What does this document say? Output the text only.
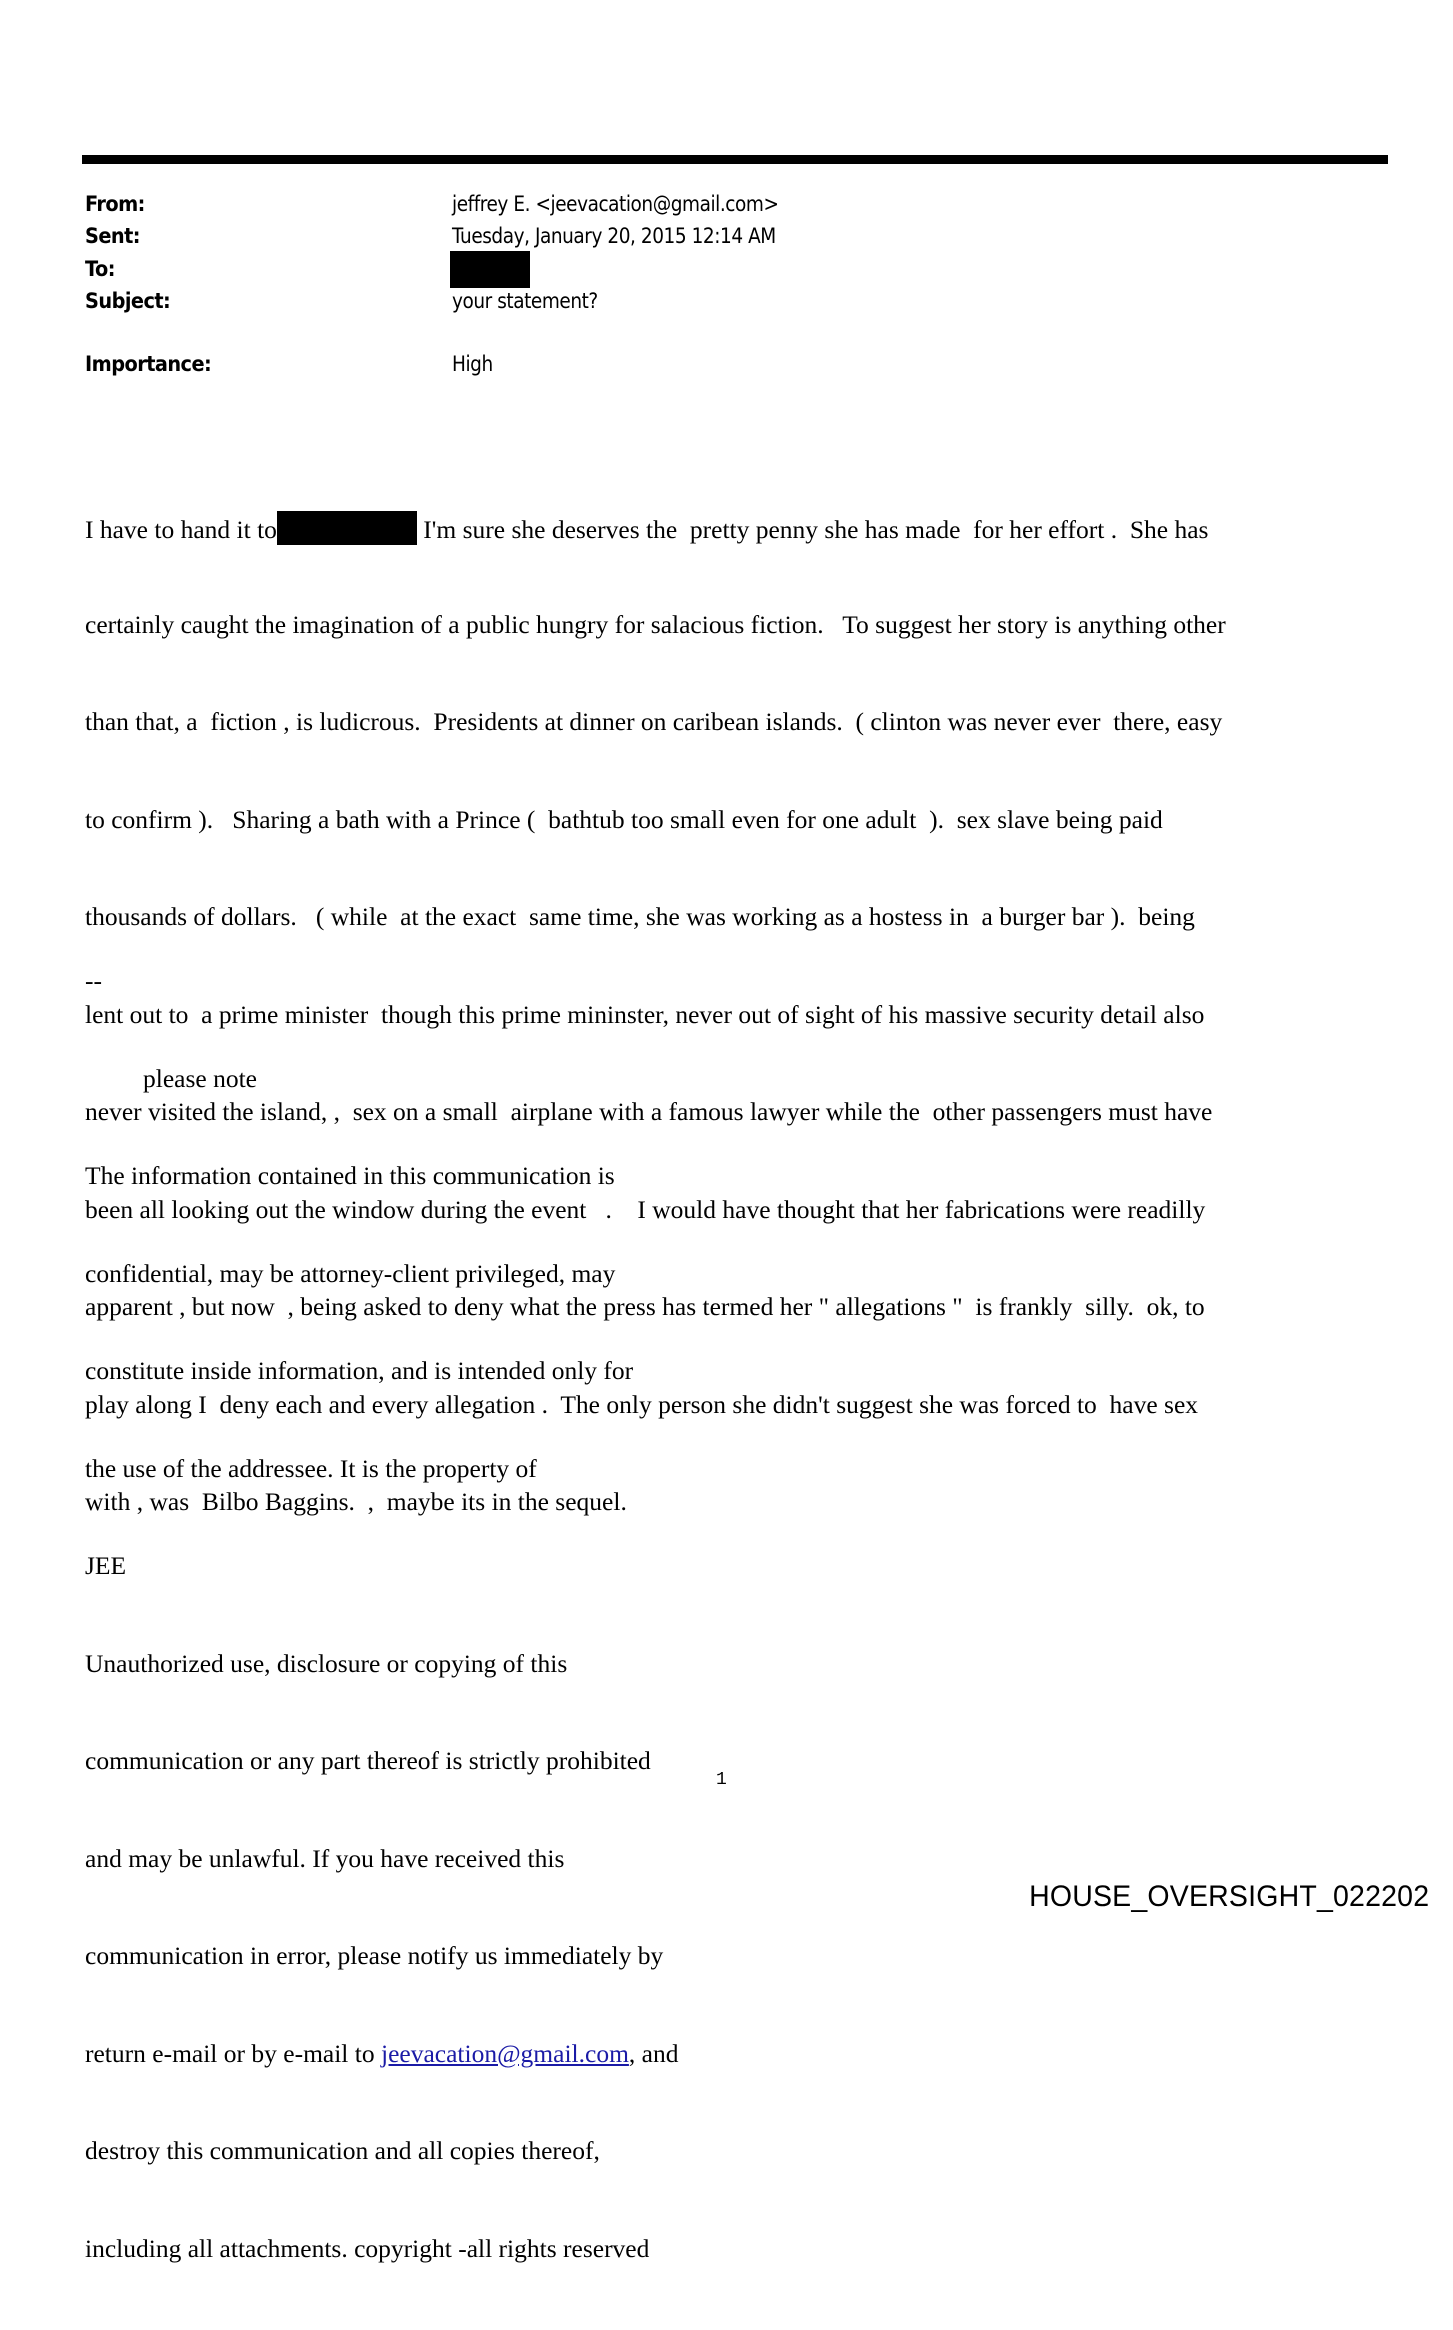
From:	jeffrey E. <jeevacation@gmail.com>
Sent:	Tuesday, January 20, 2015 12:14 AM
To:
Subject:	your statement?
Importance:	High

I have to hand it to	I'm sure she deserves the  pretty penny she has made  for her effort .  She has

certainly caught the imagination of a public hungry for salacious fiction.   To suggest her story is anything other

than that, a  fiction , is ludicrous.  Presidents at dinner on caribean islands.  ( clinton was never ever  there, easy

to confirm ).   Sharing a bath with a Prince (  bathtub too small even for one adult  ).  sex slave being paid

thousands of dollars.   ( while  at the exact  same time, she was working as a hostess in  a burger bar ).  being

lent out to  a prime minister  though this prime mininster, never out of sight of his massive security detail also

never visited the island, ,  sex on a small  airplane with a famous lawyer while the  other passengers must have

been all looking out the window during the event   .    I would have thought that her fabrications were readilly

apparent , but now  , being asked to deny what the press has termed her " allegations "  is frankly  silly.  ok, to

play along I  deny each and every allegation .  The only person she didn't suggest she was forced to  have sex

with , was  Bilbo Baggins.  ,  maybe its in the sequel.

--

please note

The information contained in this communication is

confidential, may be attorney-client privileged, may

constitute inside information, and is intended only for

the use of the addressee. It is the property of

JEE

Unauthorized use, disclosure or copying of this

communication or any part thereof is strictly prohibited

and may be unlawful. If you have received this

communication in error, please notify us immediately by

return e-mail or by e-mail to jeevacation@gmail.com, and

destroy this communication and all copies thereof,

including all attachments. copyright -all rights reserved

1
HOUSE_OVERSIGHT_022202
